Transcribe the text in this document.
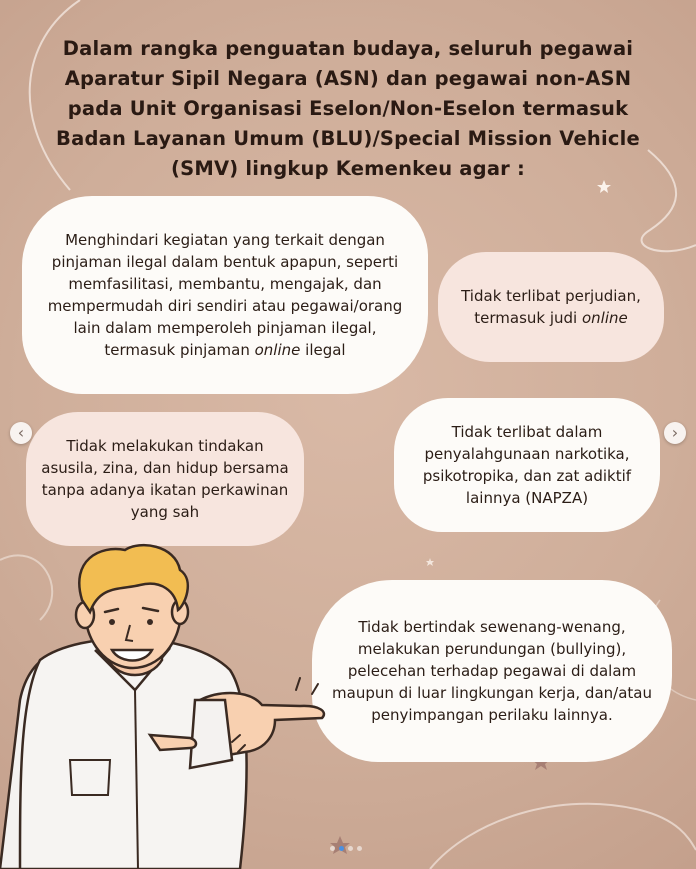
Dalam rangka penguatan budaya, seluruh pegawai Aparatur Sipil Negara (ASN) dan pegawai non-ASN pada Unit Organisasi Eselon/Non-Eselon termasuk Badan Layanan Umum (BLU)/Special Mission Vehicle (SMV) lingkup Kemenkeu agar :

Menghindari kegiatan yang terkait dengan pinjaman ilegal dalam bentuk apapun, seperti memfasilitasi, membantu, mengajak, dan mempermudah diri sendiri atau pegawai/orang lain dalam memperoleh pinjaman ilegal, termasuk pinjaman online ilegal

Tidak terlibat perjudian, termasuk judi online

Tidak melakukan tindakan asusila, zina, dan hidup bersama tanpa adanya ikatan perkawinan yang sah

Tidak terlibat dalam penyalahgunaan narkotika, psikotropika, dan zat adiktif lainnya (NAPZA)

Tidak bertindak sewenang-wenang, melakukan perundungan (bullying), pelecehan terhadap pegawai di dalam maupun di luar lingkungan kerja, dan/atau penyimpangan perilaku lainnya.

‹	›
